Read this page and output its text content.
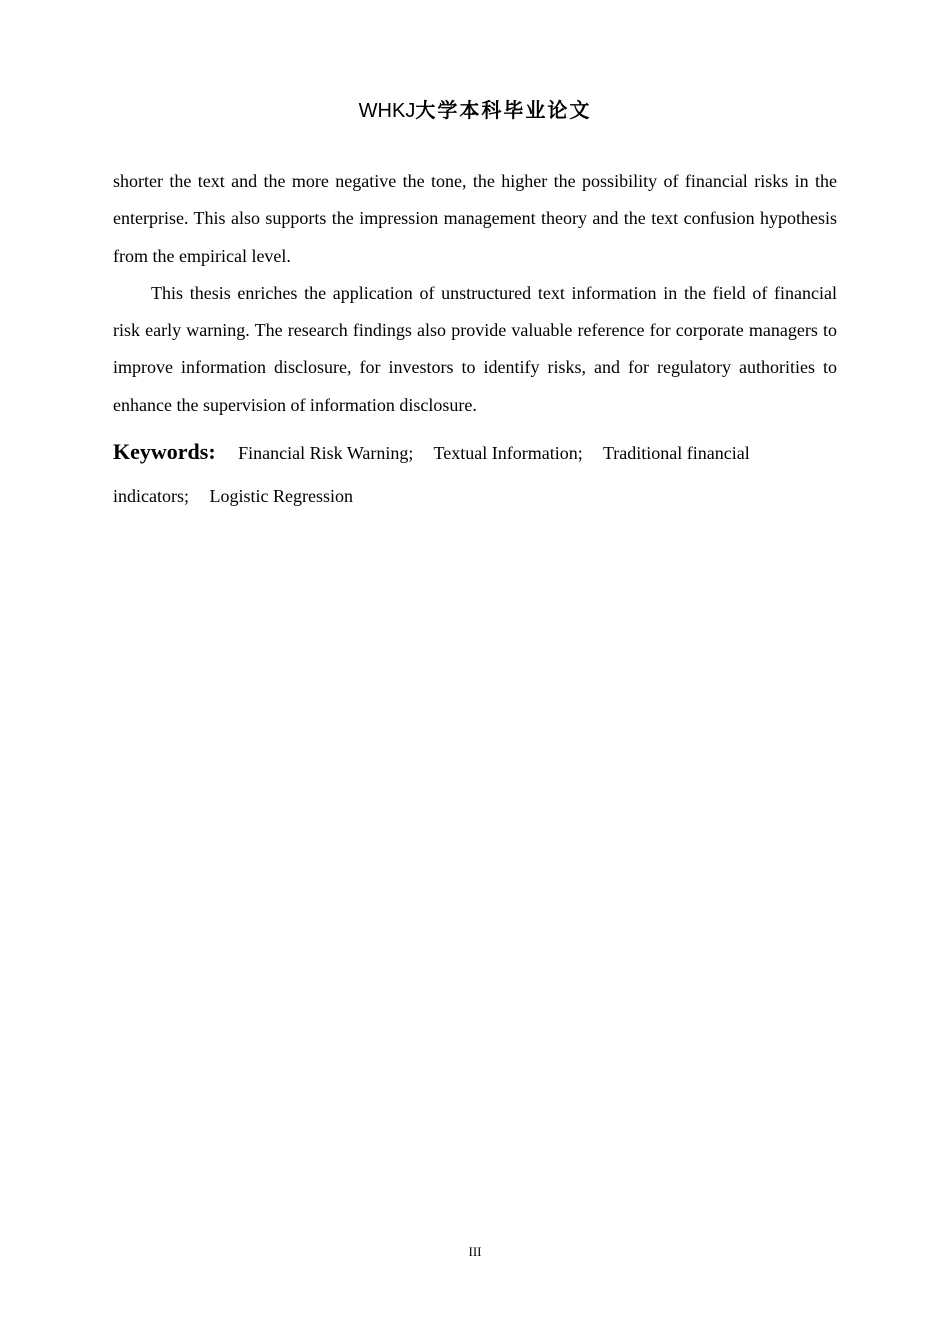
WHKJ大学本科毕业论文

shorter the text and the more negative the tone, the higher the possibility of financial risks in the enterprise. This also supports the impression management theory and the text confusion hypothesis from the empirical level.

This thesis enriches the application of unstructured text information in the field of financial risk early warning. The research findings also provide valuable reference for corporate managers to improve information disclosure, for investors to identify risks, and for regulatory authorities to enhance the supervision of information disclosure.

Keywords: Financial Risk Warning; Textual Information; Traditional financial indicators; Logistic Regression
III
